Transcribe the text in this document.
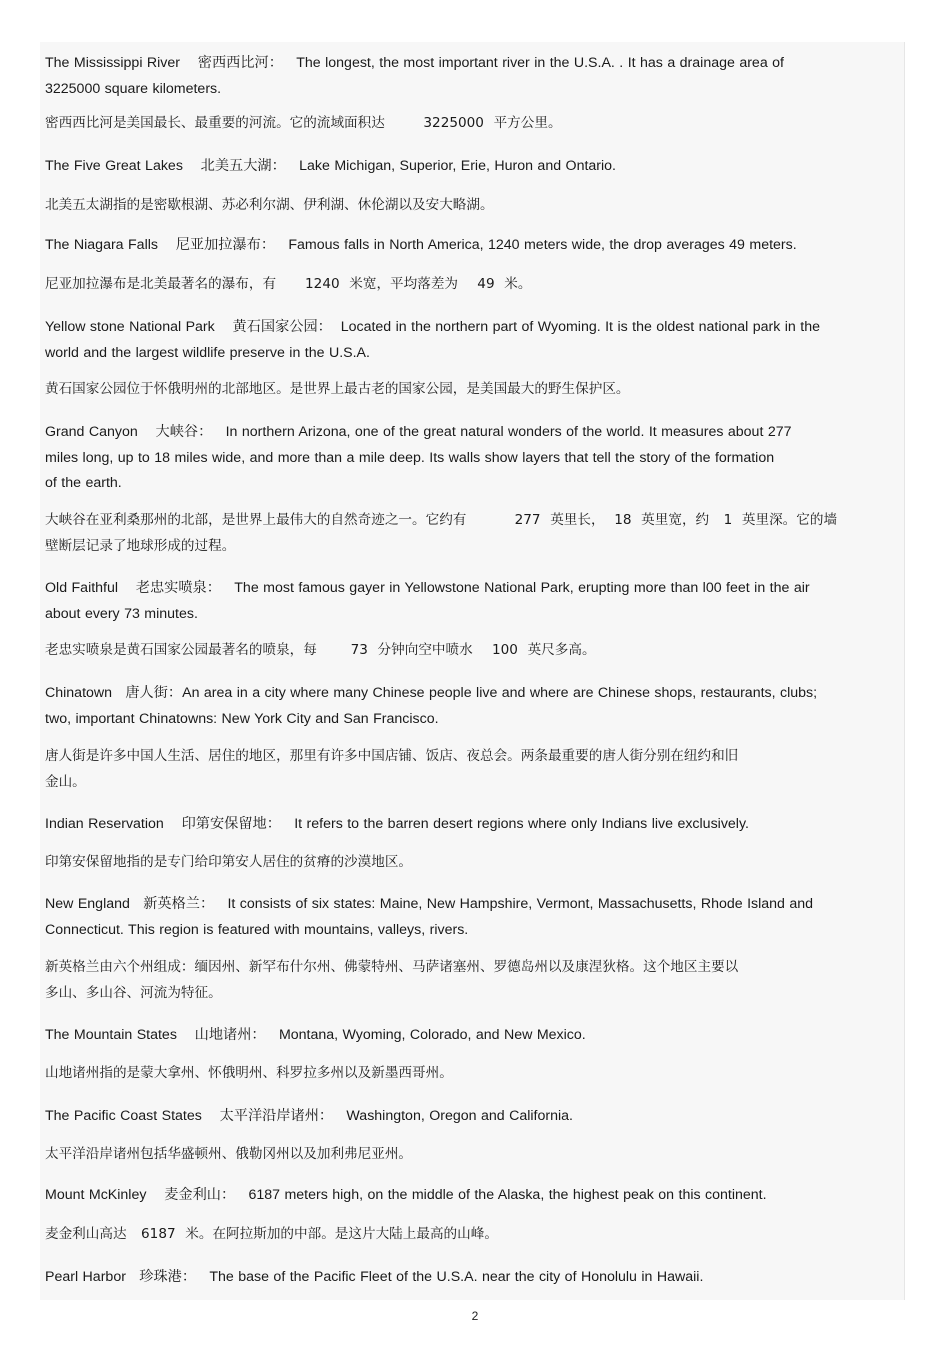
The Mississippi River    密西西比河：   The longest, the most important river in the U.S.A. . It has a drainage area of
3225000 square kilometers.
密西西比河是美国最长、最重要的河流。它的流域面积达        3225000  平方公里。
The Five Great Lakes    北美五大湖：   Lake Michigan, Superior, Erie, Huron and Ontario.
北美五太湖指的是密歇根湖、苏必利尔湖、伊利湖、休伦湖以及安大略湖。
The Niagara Falls    尼亚加拉瀑布：   Famous falls in North America, 1240 meters wide, the drop averages 49 meters.
尼亚加拉瀑布是北美最著名的瀑布，有      1240  米宽，平均落差为    49  米。
Yellow stone National Park    黄石国家公园：  Located in the northern part of Wyoming. It is the oldest national park in the
world and the largest wildlife preserve in the U.S.A.
黄石国家公园位于怀俄明州的北部地区。是世界上最古老的国家公园，是美国最大的野生保护区。
Grand Canyon    大峡谷：   In northern Arizona, one of the great natural wonders of the world. It measures about 277
miles long, up to 18 miles wide, and more than a mile deep. Its walls show layers that tell the story of the formation
of the earth.
大峡谷在亚利桑那州的北部，是世界上最伟大的自然奇迹之一。它约有          277  英里长，  18  英里宽，约   1  英里深。它的墙
壁断层记录了地球形成的过程。
Old Faithful    老忠实喷泉：   The most famous gayer in Yellowstone National Park, erupting more than l00 feet in the air
about every 73 minutes.
老忠实喷泉是黄石国家公园最著名的喷泉，每       73  分钟向空中喷水    100  英尺多高。
Chinatown   唐人街：An area in a city where many Chinese people live and where are Chinese shops, restaurants, clubs;
two, important Chinatowns: New York City and San Francisco.
唐人街是许多中国人生活、居住的地区，那里有许多中国店铺、饭店、夜总会。两条最重要的唐人街分别在纽约和旧
金山。
Indian Reservation    印第安保留地：   It refers to the barren desert regions where only Indians live exclusively.
印第安保留地指的是专门给印第安人居住的贫瘠的沙漠地区。
New England   新英格兰：   It consists of six states: Maine, New Hampshire, Vermont, Massachusetts, Rhode Island and
Connecticut. This region is featured with mountains, valleys, rivers.
新英格兰由六个州组成：缅因州、新罕布什尔州、佛蒙特州、马萨诸塞州、罗德岛州以及康涅狄格。这个地区主要以
多山、多山谷、河流为特征。
The Mountain States    山地诸州：   Montana, Wyoming, Colorado, and New Mexico.
山地诸州指的是蒙大拿州、怀俄明州、科罗拉多州以及新墨西哥州。
The Pacific Coast States    太平洋沿岸诸州：   Washington, Oregon and California.
太平洋沿岸诸州包括华盛顿州、俄勒冈州以及加利弗尼亚州。
Mount McKinley    麦金利山：   6187 meters high, on the middle of the Alaska, the highest peak on this continent.
麦金利山高达   6187  米。在阿拉斯加的中部。是这片大陆上最高的山峰。
Pearl Harbor   珍珠港：   The base of the Pacific Fleet of the U.S.A. near the city of Honolulu in Hawaii.
2
